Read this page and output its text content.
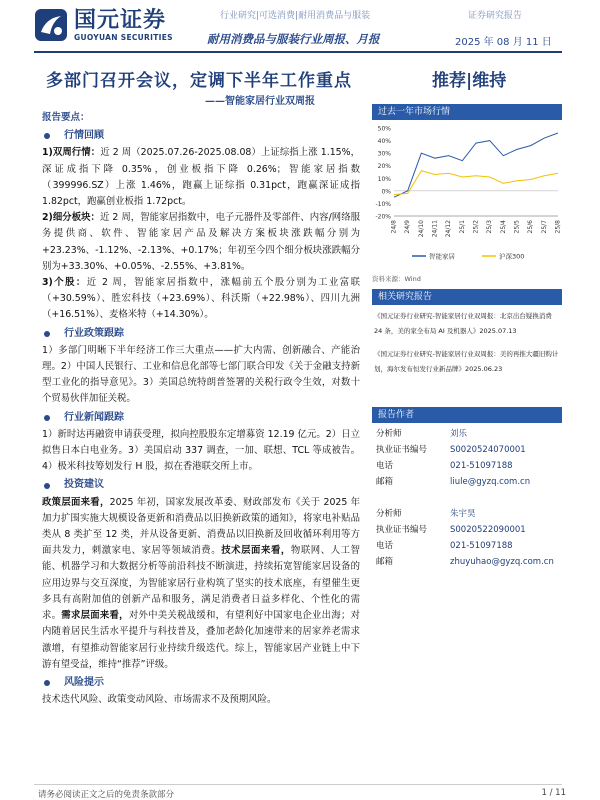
国元证券
GUOYUAN SECURITIES
行业研究|可选消费|耐用消费品与服装	证券研究报告
耐用消费品与服装行业周报、月报	2025 年 08 月 11 日
多部门召开会议，定调下半年工作重点	推荐|维持
——智能家居行业双周报
报告要点：
行情回顾
1)双周行情：近 2 周（2025.07.26-2025.08.08）上证综指上涨 1.15%，深证成指下降 0.35%，创业板指下降 0.26%；智能家居指数（399996.SZ）上涨 1.46%，跑赢上证综指 0.31pct，跑赢深证成指 1.82pct，跑赢创业板指 1.72pct。
2)细分板块：近 2 周，智能家居指数中，电子元器件及零部件、内容/网络服务提供商、软件、智能家居产品及解决方案板块涨跌幅分别为+23.23%、-1.12%、-2.13%、+0.17%；年初至今四个细分板块涨跌幅分别为+33.30%、+0.05%、-2.55%、+3.81%。
3)个股：近 2 周，智能家居指数中，涨幅前五个股分别为工业富联（+30.59%）、胜宏科技（+23.69%）、科沃斯（+22.98%）、四川九洲（+16.51%）、麦格米特（+14.30%）。
行业政策跟踪
1）多部门明晰下半年经济工作三大重点——扩大内需、创新融合、产能治理。2）中国人民银行、工业和信息化部等七部门联合印发《关于金融支持新型工业化的指导意见》。3）美国总统特朗普签署的关税行政令生效，对数十个贸易伙伴加征关税。
行业新闻跟踪
1）新时达再融资申请获受理，拟向控股股东定增募资 12.19 亿元。2）日立拟售日本白电业务。3）美国启动 337 调查，一加、联想、TCL 等成被告。4）极米科技筹划发行 H 股，拟在香港联交所上市。
投资建议
政策层面来看，2025 年初，国家发展改革委、财政部发布《关于 2025 年加力扩围实施大规模设备更新和消费品以旧换新政策的通知》，将家电补贴品类从 8 类扩至 12 类，并从设备更新、消费品以旧换新及回收循环利用等方面共发力，刺激家电、家居等领域消费。技术层面来看，物联网、人工智能、机器学习和大数据分析等前沿科技不断演进，持续拓宽智能家居设备的应用边界与交互深度，为智能家居行业构筑了坚实的技术底座，有望催生更多具有高附加值的创新产品和服务，满足消费者日益多样化、个性化的需求。需求层面来看，对外中美关税战缓和，有望利好中国家电企业出海；对内随着居民生活水平提升与科技普及，叠加老龄化加速带来的居家养老需求激增，有望推动智能家居行业持续升级迭代。综上，智能家居产业链上中下游有望受益，维持“推荐”评级。
风险提示
技术迭代风险、政策变动风险、市场需求不及预期风险。
过去一年市场行情
-20%
-10%
0%
10%
20%
30%
40%
50%
24/8 24/9 24/10 24/11 24/12 25/1 25/2 25/3 25/4 25/5 25/6 25/7 25/8
智能家居	沪深300
资料来源：Wind
相关研究报告

《国元证券行业研究-智能家居行业双周报：北京出台疑换消费 24 条，美的家全布局 AI 及机器人》2025.07.13

《国元证券行业研究-智能家居行业双周报：美的再推大疆旧购计划，海尔发布恒发行业新品牌》2025.06.23

报告作者
分析师	刘乐
执业证书编号	S0020524070001
电话	021-51097188
邮箱	liule@gyzq.com.cn
分析师	朱宇昊
执业证书编号	S0020522090001
电话	021-51097188
邮箱	zhuyuhao@gyzq.com.cn
请务必阅读正文之后的免责条款部分	1 / 11
